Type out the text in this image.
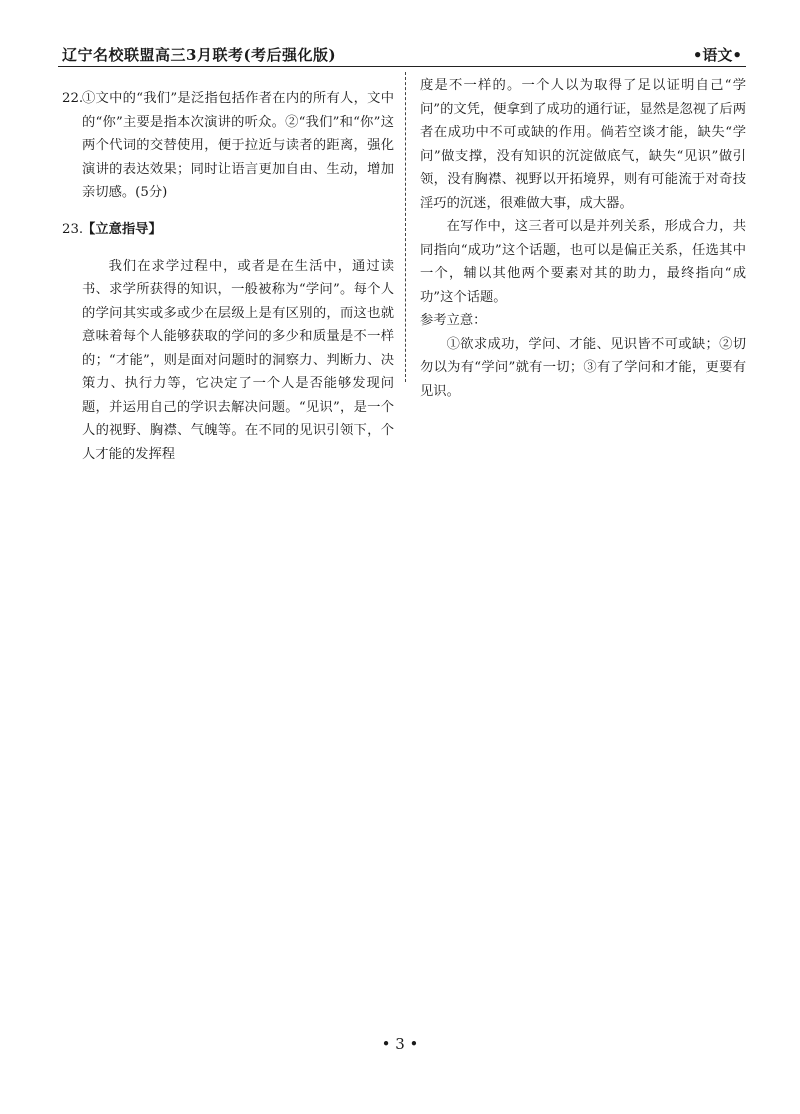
辽宁名校联盟高三3月联考(考后强化版)	•语文•
22.

①文中的“我们”是泛指包括作者在内的所有人，文中的“你”主要是指本次演讲的听众。②“我们”和“你”这两个代词的交替使用，便于拉近与读者的距离，强化演讲的表达效果；同时让语言更加自由、生动，增加亲切感。(5分)

23.

【立意指导】

我们在求学过程中，或者是在生活中，通过读书、求学所获得的知识，一般被称为“学问”。每个人的学问其实或多或少在层级上是有区别的，而这也就意味着每个人能够获取的学问的多少和质量是不一样的；“才能”，则是面对问题时的洞察力、判断力、决策力、执行力等，它决定了一个人是否能够发现问题，并运用自己的学识去解决问题。“见识”，是一个人的视野、胸襟、气魄等。在不同的见识引领下，个人才能的发挥程

度是不一样的。一个人以为取得了足以证明自己“学问”的文凭，便拿到了成功的通行证，显然是忽视了后两者在成功中不可或缺的作用。倘若空谈才能，缺失“学问”做支撑，没有知识的沉淀做底气，缺失“见识”做引领，没有胸襟、视野以开拓境界，则有可能流于对奇技淫巧的沉迷，很难做大事，成大器。

在写作中，这三者可以是并列关系，形成合力，共同指向“成功”这个话题，也可以是偏正关系，任选其中一个，辅以其他两个要素对其的助力，最终指向“成功”这个话题。

参考立意：

①欲求成功，学问、才能、见识皆不可或缺；②切勿以为有“学问”就有一切；③有了学问和才能，更要有见识。

• 3 •
